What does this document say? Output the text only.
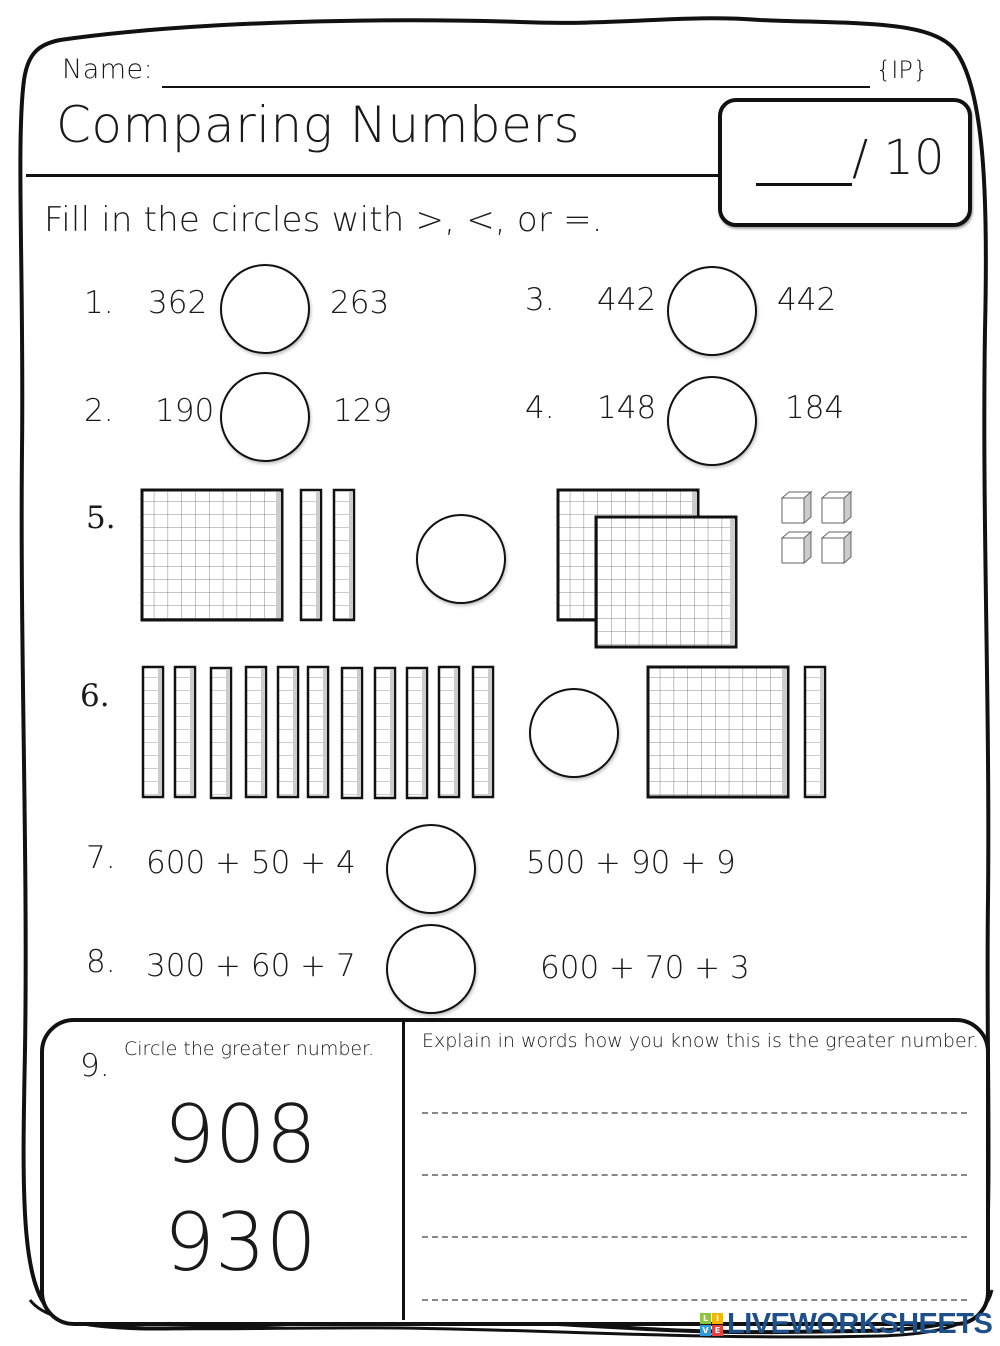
Name:	{IP}
Comparing Numbers
/ 10
Fill in the circles with >, <, or =.
1. 362	263
2. 190	129
3. 442	442
4. 148	184
5.
6.
7. 600 + 50 + 4	500 + 90 + 9
8. 300 + 60 + 7	600 + 70 + 3
9. Circle the greater number.
908
930
Explain in words how you know this is the greater number.
L I
V E LIVEWORKSHEETS
